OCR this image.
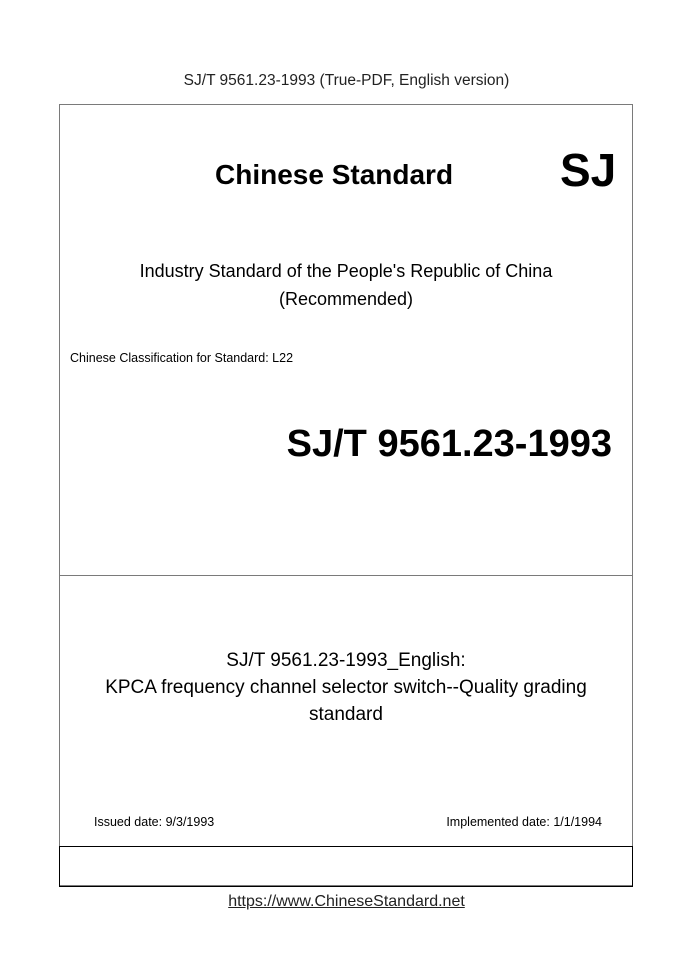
SJ/T 9561.23-1993 (True-PDF, English version)
Chinese Standard SJ
Industry Standard of the People's Republic of China
(Recommended)
Chinese Classification for Standard: L22
SJ/T 9561.23-1993
SJ/T 9561.23-1993_English:
KPCA frequency channel selector switch--Quality grading
standard
Issued date: 9/3/1993	Implemented date: 1/1/1994
https://www.ChineseStandard.net
